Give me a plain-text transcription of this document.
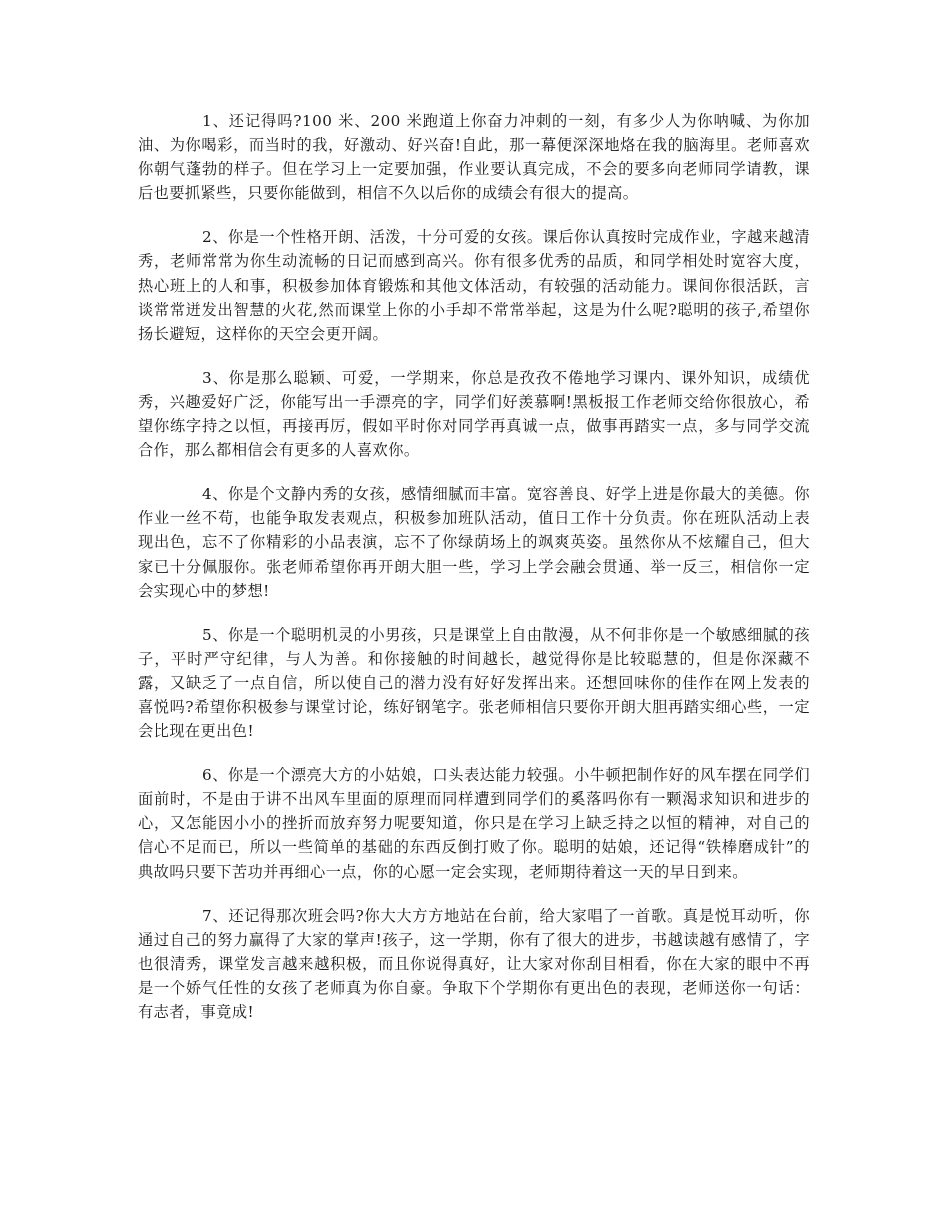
1、还记得吗?100 米、200 米跑道上你奋力冲刺的一刻，有多少人为你呐喊、为你加油、为你喝彩，而当时的我，好激动、好兴奋!自此，那一幕便深深地烙在我的脑海里。老师喜欢你朝气蓬勃的样子。但在学习上一定要加强，作业要认真完成，不会的要多向老师同学请教，课后也要抓紧些，只要你能做到，相信不久以后你的成绩会有很大的提高。

2、你是一个性格开朗、活泼，十分可爱的女孩。课后你认真按时完成作业，字越来越清秀，老师常常为你生动流畅的日记而感到高兴。你有很多优秀的品质，和同学相处时宽容大度，热心班上的人和事，积极参加体育锻炼和其他文体活动，有较强的活动能力。课间你很活跃，言谈常常迸发出智慧的火花,然而课堂上你的小手却不常常举起，这是为什么呢?聪明的孩子,希望你扬长避短，这样你的天空会更开阔。

3、你是那么聪颖、可爱，一学期来，你总是孜孜不倦地学习课内、课外知识，成绩优秀，兴趣爱好广泛，你能写出一手漂亮的字，同学们好羡慕啊!黑板报工作老师交给你很放心，希望你练字持之以恒，再接再厉，假如平时你对同学再真诚一点，做事再踏实一点，多与同学交流合作，那么都相信会有更多的人喜欢你。

4、你是个文静内秀的女孩，感情细腻而丰富。宽容善良、好学上进是你最大的美德。你作业一丝不苟，也能争取发表观点，积极参加班队活动，值日工作十分负责。你在班队活动上表现出色，忘不了你精彩的小品表演，忘不了你绿荫场上的飒爽英姿。虽然你从不炫耀自己，但大家已十分佩服你。张老师希望你再开朗大胆一些，学习上学会融会贯通、举一反三，相信你一定会实现心中的梦想!

5、你是一个聪明机灵的小男孩，只是课堂上自由散漫，从不何非你是一个敏感细腻的孩子，平时严守纪律，与人为善。和你接触的时间越长，越觉得你是比较聪慧的，但是你深藏不露，又缺乏了一点自信，所以使自己的潜力没有好好发挥出来。还想回味你的佳作在网上发表的喜悦吗?希望你积极参与课堂讨论，练好钢笔字。张老师相信只要你开朗大胆再踏实细心些，一定会比现在更出色!

6、你是一个漂亮大方的小姑娘，口头表达能力较强。小牛顿把制作好的风车摆在同学们面前时，不是由于讲不出风车里面的原理而同样遭到同学们的奚落吗你有一颗渴求知识和进步的心，又怎能因小小的挫折而放弃努力呢要知道，你只是在学习上缺乏持之以恒的精神，对自己的信心不足而已，所以一些简单的基础的东西反倒打败了你。聪明的姑娘，还记得“铁棒磨成针”的典故吗只要下苦功并再细心一点，你的心愿一定会实现，老师期待着这一天的早日到来。

7、还记得那次班会吗?你大大方方地站在台前，给大家唱了一首歌。真是悦耳动听，你通过自己的努力赢得了大家的掌声!孩子，这一学期，你有了很大的进步，书越读越有感情了，字也很清秀，课堂发言越来越积极，而且你说得真好，让大家对你刮目相看，你在大家的眼中不再是一个娇气任性的女孩了老师真为你自豪。争取下个学期你有更出色的表现，老师送你一句话：有志者，事竟成!
